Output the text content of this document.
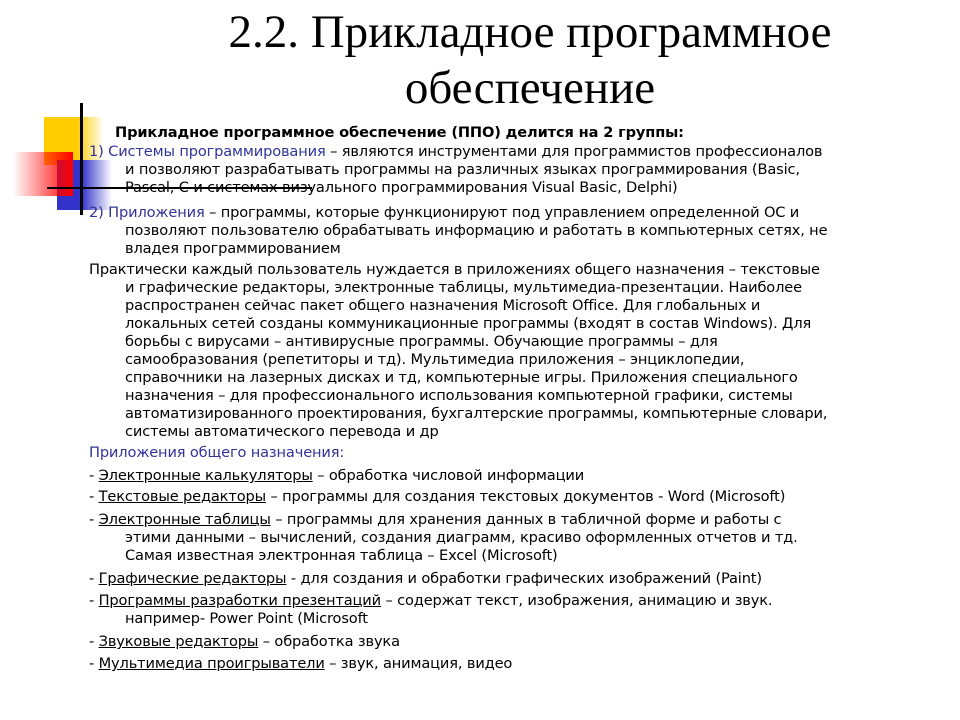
2.2. Прикладное программное
обеспечение
Прикладное программное обеспечение (ППО) делится на 2 группы:
1) Системы программирования – являются инструментами для программистов профессионалов
и позволяют разрабатывать программы на различных языках программирования (Basic,
Pascal, C и системах визуального программирования Visual Basic, Delphi)
2) Приложения – программы, которые функционируют под управлением определенной ОС и
позволяют пользователю обрабатывать информацию и работать в компьютерных сетях, не
владея программированием
Практически каждый пользователь нуждается в приложениях общего назначения – текстовые
и графические редакторы, электронные таблицы, мультимедиа-презентации. Наиболее
распространен сейчас пакет общего назначения Microsoft Office. Для глобальных и
локальных сетей созданы коммуникационные программы (входят в состав Windows). Для
борьбы с вирусами – антивирусные программы. Обучающие программы – для
самообразования (репетиторы и тд). Мультимедиа приложения – энциклопедии,
справочники на лазерных дисках и тд, компьютерные игры. Приложения специального
назначения – для профессионального использования компьютерной графики, системы
автоматизированного проектирования, бухгалтерские программы, компьютерные словари,
системы автоматического перевода и др
Приложения общего назначения:
- Электронные калькуляторы – обработка числовой информации
- Текстовые редакторы – программы для создания текстовых документов - Word (Microsoft)
- Электронные таблицы – программы для хранения данных в табличной форме и работы с
этими данными – вычислений, создания диаграмм, красиво оформленных отчетов и тд.
Самая известная электронная таблица – Excel (Microsoft)
- Графические редакторы - для создания и обработки графических изображений (Paint)
- Программы разработки презентаций – содержат текст, изображения, анимацию и звук.
например- Power Point (Microsoft
- Звуковые редакторы – обработка звука
- Мультимедиа проигрыватели – звук, анимация, видео
